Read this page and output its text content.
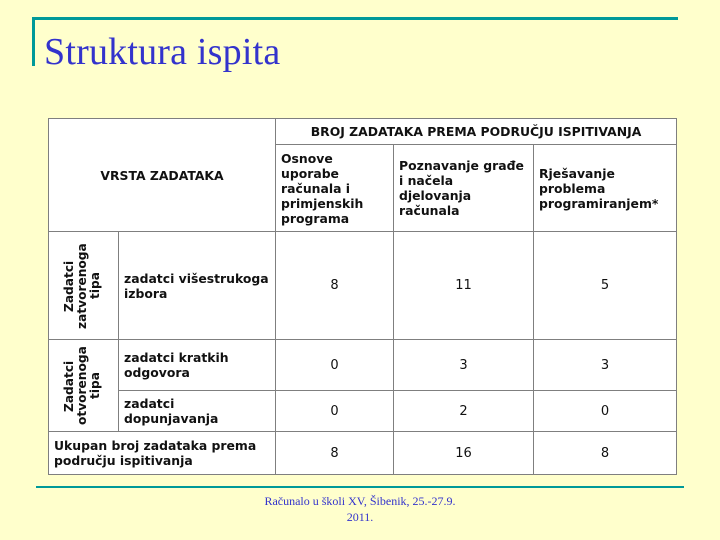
Struktura ispita
VRSTA ZADATAKA		BROJ ZADATAKA PREMA PODRUČJU ISPITIVANJA		
		Osnove uporabe računala i primjenskih programa	Poznavanje građe i načela djelovanja računala	Rješavanje problema programiranjem*

Zadatci zatvorenoga tipa	zadatci višestrukoga izbora	8	11	5

Zadatci otvorenoga tipa	zadatci kratkih odgovora	0	3	3
	zadatci dopunjavanja	0	2	0
Ukupan broj zadataka prema području ispitivanja		8	16	8
Računalo u školi XV, Šibenik, 25.-27.9.
2011.
